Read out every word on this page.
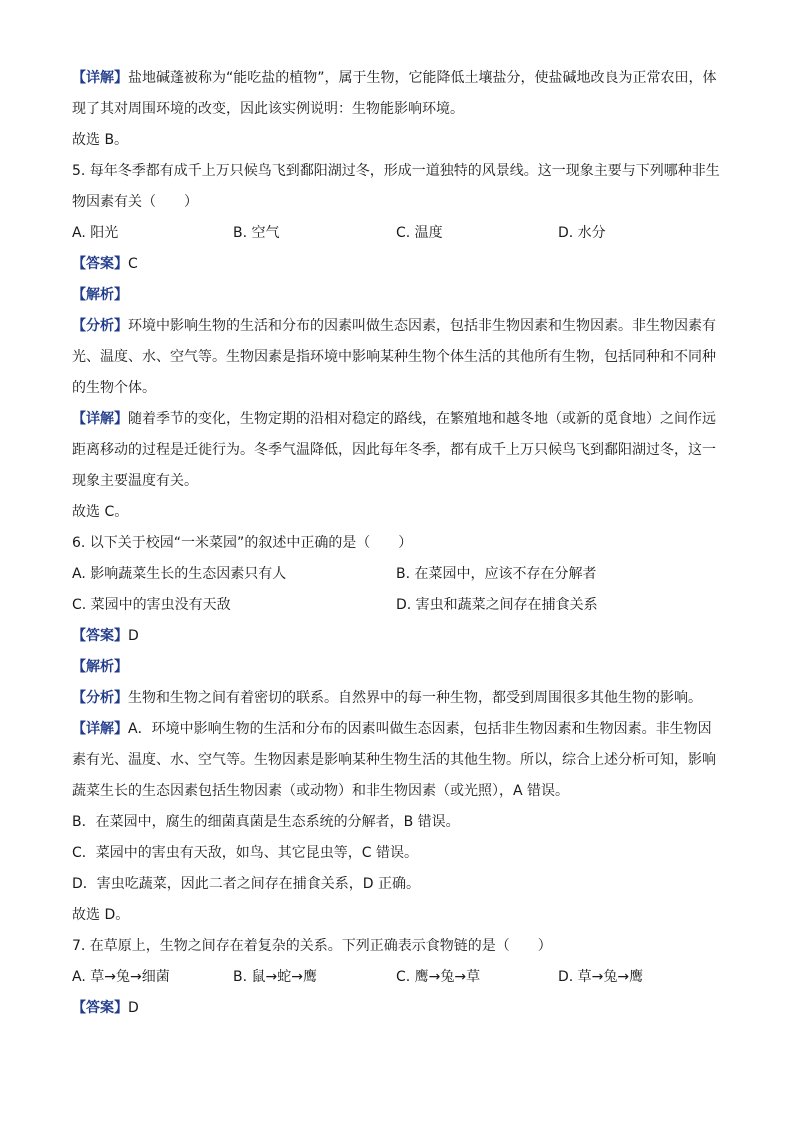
【详解】盐地碱蓬被称为“能吃盐的植物”，属于生物，它能降低土壤盐分，使盐碱地改良为正常农田，体
现了其对周围环境的改变，因此该实例说明：生物能影响环境。
故选 B。
5. 每年冬季都有成千上万只候鸟飞到鄱阳湖过冬，形成一道独特的风景线。这一现象主要与下列哪种非生
物因素有关（　　）
A. 阳光	B. 空气	C. 温度	D. 水分
【答案】C
【解析】
【分析】环境中影响生物的生活和分布的因素叫做生态因素，包括非生物因素和生物因素。非生物因素有
光、温度、水、空气等。生物因素是指环境中影响某种生物个体生活的其他所有生物，包括同种和不同种
的生物个体。
【详解】随着季节的变化，生物定期的沿相对稳定的路线，在繁殖地和越冬地（或新的觅食地）之间作远
距离移动的过程是迁徙行为。冬季气温降低，因此每年冬季，都有成千上万只候鸟飞到鄱阳湖过冬，这一
现象主要温度有关。
故选 C。
6. 以下关于校园“一米菜园”的叙述中正确的是（　　）
A. 影响蔬菜生长的生态因素只有人	B. 在菜园中，应该不存在分解者
C. 菜园中的害虫没有天敌	D. 害虫和蔬菜之间存在捕食关系
【答案】D
【解析】
【分析】生物和生物之间有着密切的联系。自然界中的每一种生物，都受到周围很多其他生物的影响。
【详解】A．环境中影响生物的生活和分布的因素叫做生态因素，包括非生物因素和生物因素。非生物因
素有光、温度、水、空气等。生物因素是影响某种生物生活的其他生物。所以，综合上述分析可知，影响
蔬菜生长的生态因素包括生物因素（或动物）和非生物因素（或光照），A 错误。
B．在菜园中，腐生的细菌真菌是生态系统的分解者，B 错误。
C．菜园中的害虫有天敌，如鸟、其它昆虫等，C 错误。
D．害虫吃蔬菜，因此二者之间存在捕食关系，D 正确。
故选 D。
7. 在草原上，生物之间存在着复杂的关系。下列正确表示食物链的是（　　）
A. 草→兔→细菌	B. 鼠→蛇→鹰	C. 鹰→兔→草	D. 草→兔→鹰
【答案】D
